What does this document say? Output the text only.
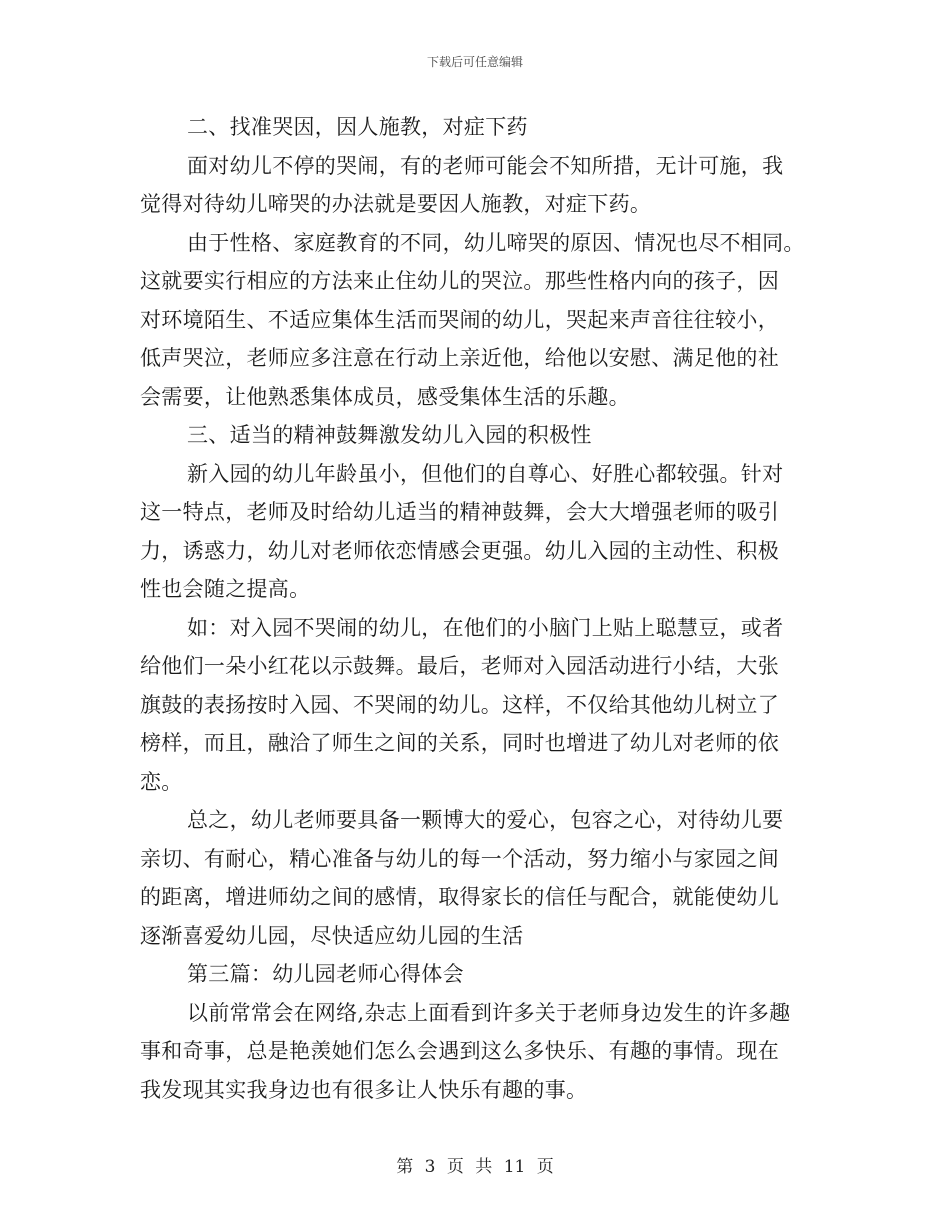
下载后可任意编辑
二、找准哭因，因人施教，对症下药
面对幼儿不停的哭闹，有的老师可能会不知所措，无计可施，我
觉得对待幼儿啼哭的办法就是要因人施教，对症下药。
由于性格、家庭教育的不同，幼儿啼哭的原因、情况也尽不相同。
这就要实行相应的方法来止住幼儿的哭泣。那些性格内向的孩子，因
对环境陌生、不适应集体生活而哭闹的幼儿，哭起来声音往往较小，
低声哭泣，老师应多注意在行动上亲近他，给他以安慰、满足他的社
会需要，让他熟悉集体成员，感受集体生活的乐趣。
三、适当的精神鼓舞激发幼儿入园的积极性
新入园的幼儿年龄虽小，但他们的自尊心、好胜心都较强。针对
这一特点，老师及时给幼儿适当的精神鼓舞，会大大增强老师的吸引
力，诱惑力，幼儿对老师依恋情感会更强。幼儿入园的主动性、积极
性也会随之提高。
如：对入园不哭闹的幼儿，在他们的小脑门上贴上聪慧豆，或者
给他们一朵小红花以示鼓舞。最后，老师对入园活动进行小结，大张
旗鼓的表扬按时入园、不哭闹的幼儿。这样，不仅给其他幼儿树立了
榜样，而且，融洽了师生之间的关系，同时也增进了幼儿对老师的依
恋。
总之，幼儿老师要具备一颗博大的爱心，包容之心，对待幼儿要
亲切、有耐心，精心准备与幼儿的每一个活动，努力缩小与家园之间
的距离，增进师幼之间的感情，取得家长的信任与配合，就能使幼儿
逐渐喜爱幼儿园，尽快适应幼儿园的生活
第三篇：幼儿园老师心得体会
以前常常会在网络,杂志上面看到许多关于老师身边发生的许多趣
事和奇事，总是艳羡她们怎么会遇到这么多快乐、有趣的事情。现在
我发现其实我身边也有很多让人快乐有趣的事。
第 3 页 共 11 页
